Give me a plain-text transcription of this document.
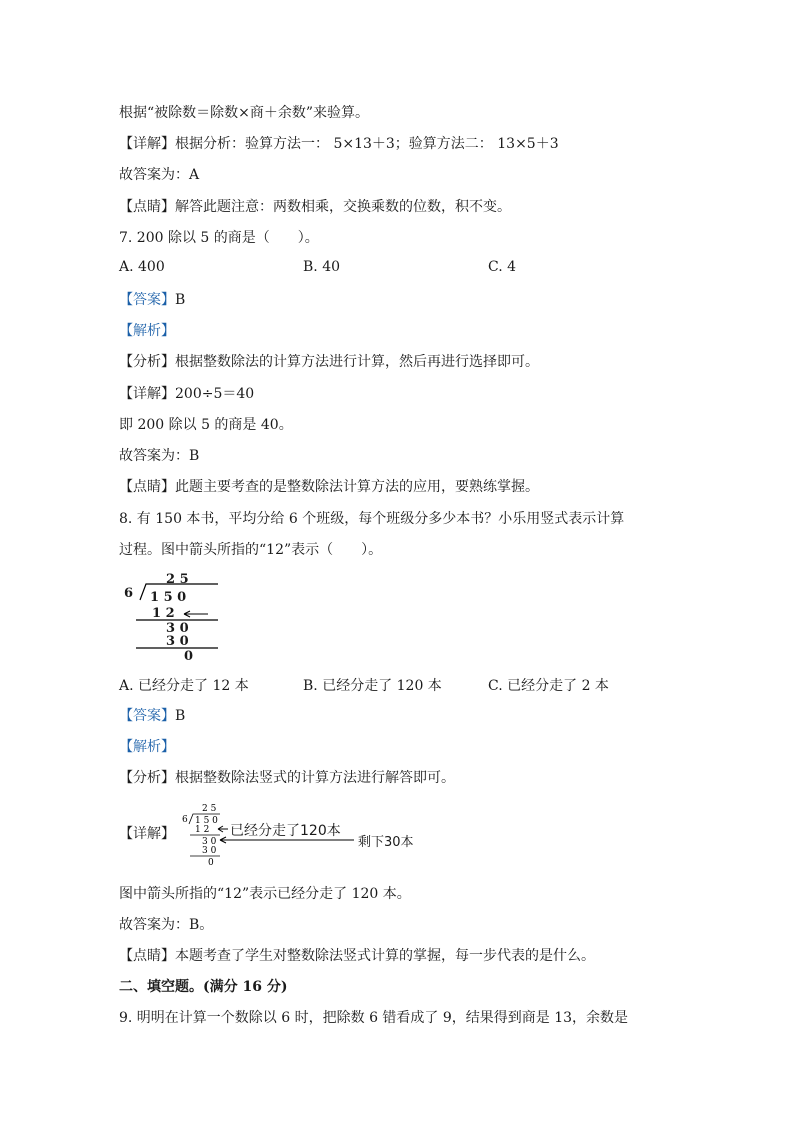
根据“被除数＝除数×商＋余数”来验算。
【详解】根据分析：验算方法一： 5×13＋3；验算方法二： 13×5＋3
故答案为：A
【点睛】解答此题注意：两数相乘，交换乘数的位数，积不变。
7. 200 除以 5 的商是（　　）。
A. 400	B. 40	C. 4
【答案】B
【解析】
【分析】根据整数除法的计算方法进行计算，然后再进行选择即可。
【详解】200÷5＝40
即 200 除以 5 的商是 40。
故答案为：B
【点睛】此题主要考查的是整数除法计算方法的应用，要熟练掌握。
8. 有 150 本书，平均分给 6 个班级，每个班级分多少本书？小乐用竖式表示计算
过程。图中箭头所指的“12”表示（　　）。
2 5
6 1 5 0
1 2
3 0
3 0
0
A. 已经分走了 12 本	B. 已经分走了 120 本	C. 已经分走了 2 本
【答案】B
【解析】
【分析】根据整数除法竖式的计算方法进行解答即可。
【详解】
2 5
6 1 5 0
1 2
3 0
3 0
0
已经分走了120本
剩下30本
图中箭头所指的“12”表示已经分走了 120 本。
故答案为：B。
【点睛】本题考查了学生对整数除法竖式计算的掌握，每一步代表的是什么。
二、填空题。(满分 16 分)
9. 明明在计算一个数除以 6 时，把除数 6 错看成了 9，结果得到商是 13，余数是
